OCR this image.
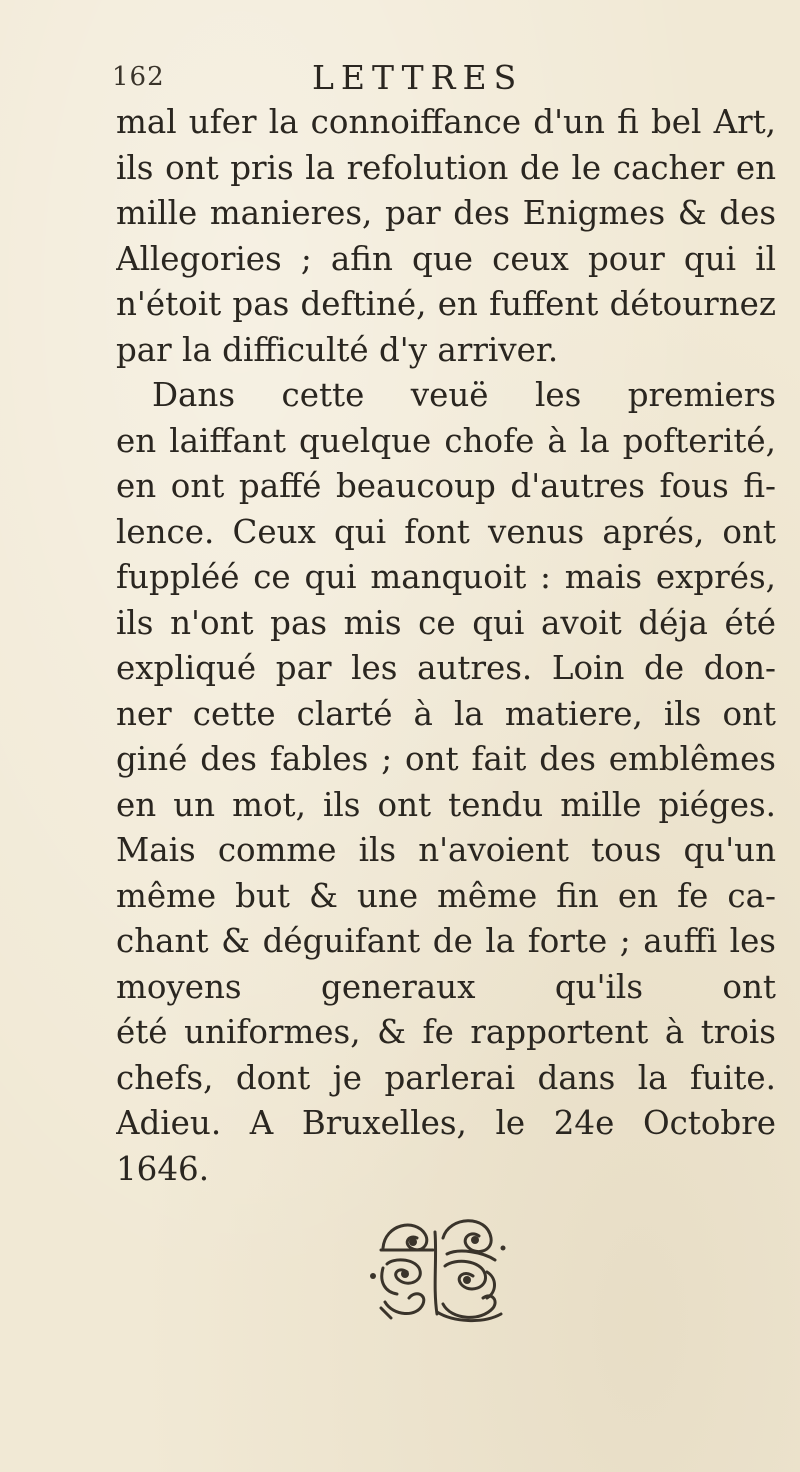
162	LETTRES
mal ufer la connoiffance d'un fi bel Art,
ils ont pris la refolution de le cacher en
mille manieres, par des Enigmes & des
Allegories ; afin que ceux pour qui il
n'étoit pas deftiné, en fuffent détournez
par la difficulté d'y arriver.
Dans cette veuë les premiers
en laiffant quelque chofe à la pofterité,
en ont paffé beaucoup d'autres fous fi-
lence. Ceux qui font venus aprés, ont
fuppléé ce qui manquoit : mais exprés,
ils n'ont pas mis ce qui avoit déja été
expliqué par les autres. Loin de don-
ner cette clarté à la matiere, ils ont
giné des fables ; ont fait des emblêmes
en un mot, ils ont tendu mille piéges.
Mais comme ils n'avoient tous qu'un
même but & une même fin en fe ca-
chant & déguifant de la forte ; auffi les
moyens generaux qu'ils ont
été uniformes, & fe rapportent à trois
chefs, dont je parlerai dans la fuite.
Adieu. A Bruxelles, le 24e Octobre
1646.
